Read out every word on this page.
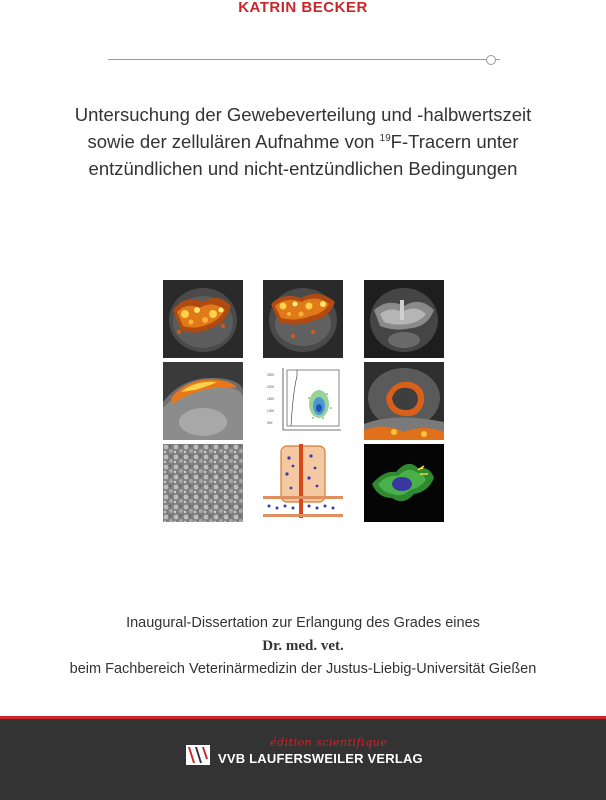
KATRIN BECKER
Untersuchung der Gewebeverteilung und -halbwertszeit
sowie der zellulären Aufnahme von $^{19}$F-Tracern unter
entzündlichen und nicht-entzündlichen Bedingungen
250K
200K
150K
100K
50K
Inaugural-Dissertation zur Erlangung des Grades eines
Dr. med. vet.
beim Fachbereich Veterinärmedizin der Justus-Liebig-Universität Gießen
édition scientifique
VVB LAUFERSWEILER VERLAG
